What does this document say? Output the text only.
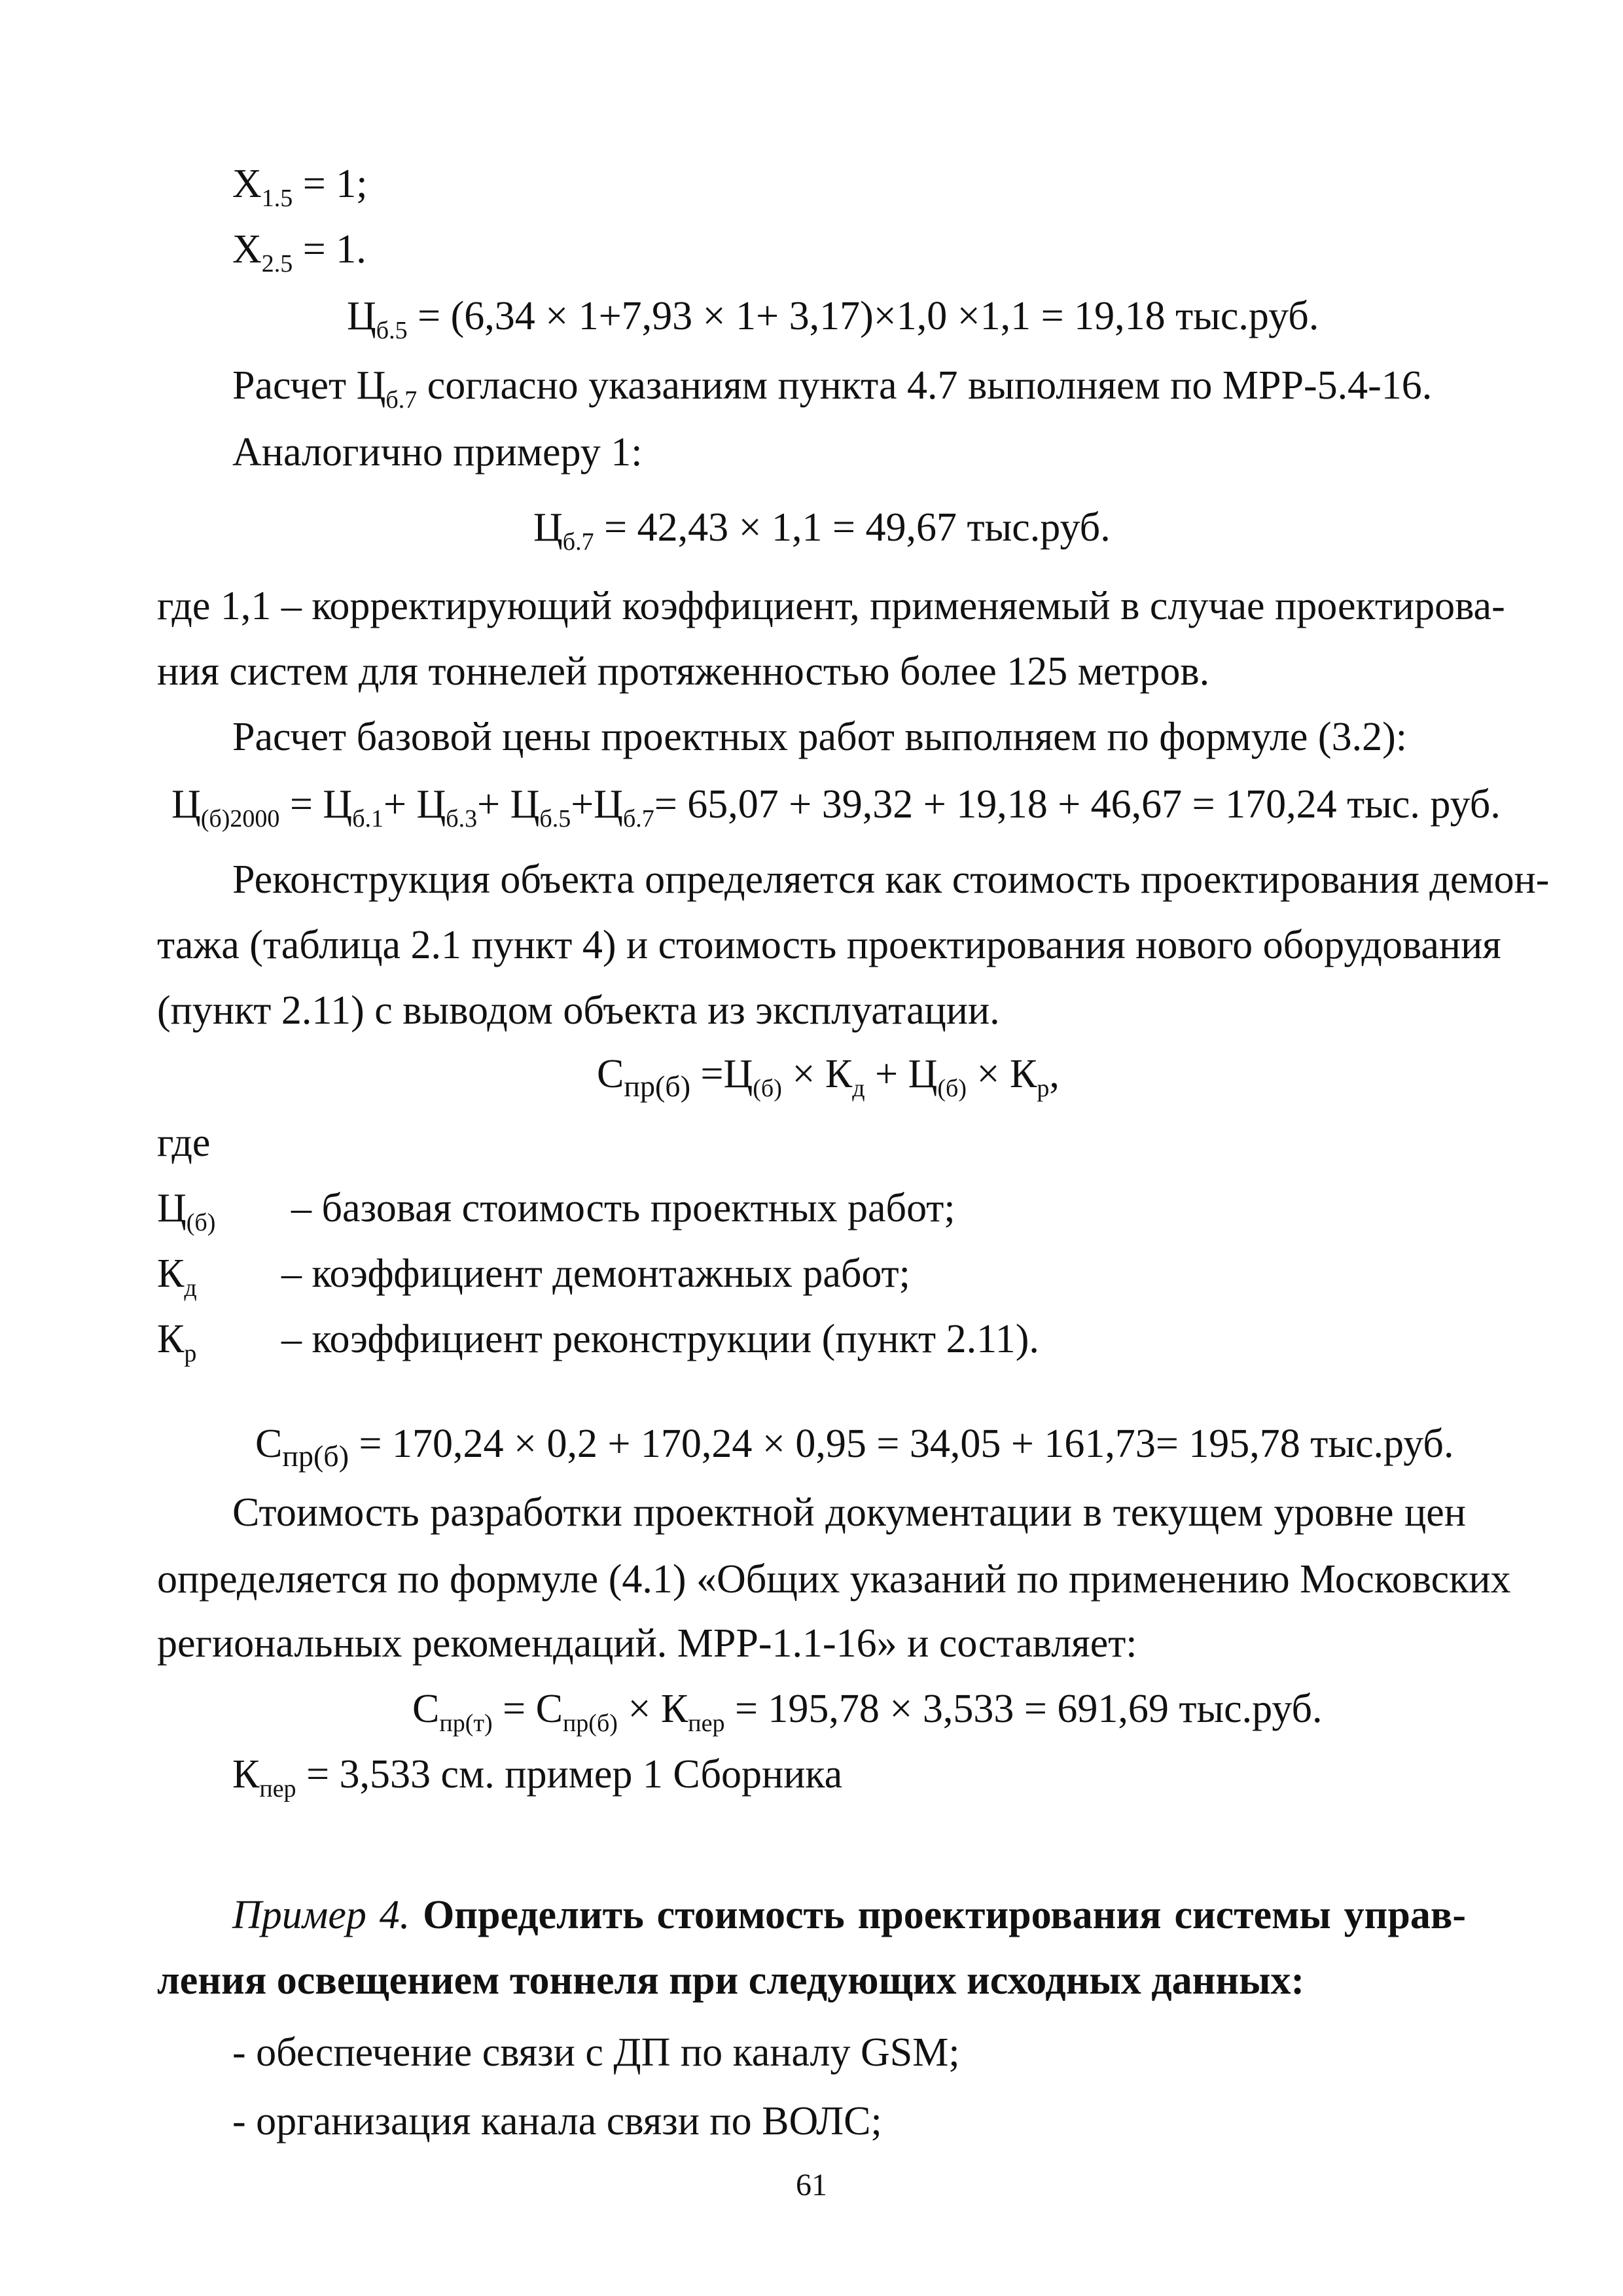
$X_{1.5} = 1$;
$X_{2.5} = 1$.
$Ц_{б.5} = (6,34 \times 1+7,93 \times 1+ 3,17)\times 1,0 \times 1,1 = 19,18$ тыс.руб.
Расчет $Ц_{б.7}$ согласно указаниям пункта 4.7 выполняем по МРР-5.4-16.
Аналогично примеру 1:
$Ц_{б.7} = 42,43 \times 1,1 = 49,67$ тыс.руб.
где 1,1 – корректирующий коэффициент, применяемый в случае проектирова-
ния систем для тоннелей протяженностью более 125 метров.
Расчет базовой цены проектных работ выполняем по формуле (3.2):
$Ц_{(б)2000} = Ц_{б.1}+ Ц_{б.3}+ Ц_{б.5}+Ц_{б.7}= 65,07 + 39,32 + 19,18 + 46,67 = 170,24$ тыс. руб.
Реконструкция объекта определяется как стоимость проектирования демон-
тажа (таблица 2.1 пункт 4) и стоимость проектирования нового оборудования
(пункт 2.11) с выводом объекта из эксплуатации.
$С_{пр(б)} =Ц_{(б)} \times К_д + Ц_{(б)} \times К_р$,
где
$Ц_{(б)}$ – базовая стоимость проектных работ;
$К_д$ – коэффициент демонтажных работ;
$К_р$ – коэффициент реконструкции (пункт 2.11).
$С_{пр(б)} = 170,24 \times 0,2 + 170,24 \times 0,95 = 34,05 + 161,73= 195,78$ тыс.руб.
Стоимость разработки проектной документации в текущем уровне цен
определяется по формуле (4.1) «Общих указаний по применению Московских
региональных рекомендаций. МРР-1.1-16» и составляет:
$С_{пр(т)} = С_{пр(б)} \times К_{пер} = 195,78 \times 3,533 = 691,69$ тыс.руб.
$К_{пер} = 3,533$ см. пример 1 Сборника
Пример 4. Определить стоимость проектирования системы управ-
ления освещением тоннеля при следующих исходных данных:
- обеспечение связи с ДП по каналу GSM;
- организация канала связи по ВОЛС;
61
